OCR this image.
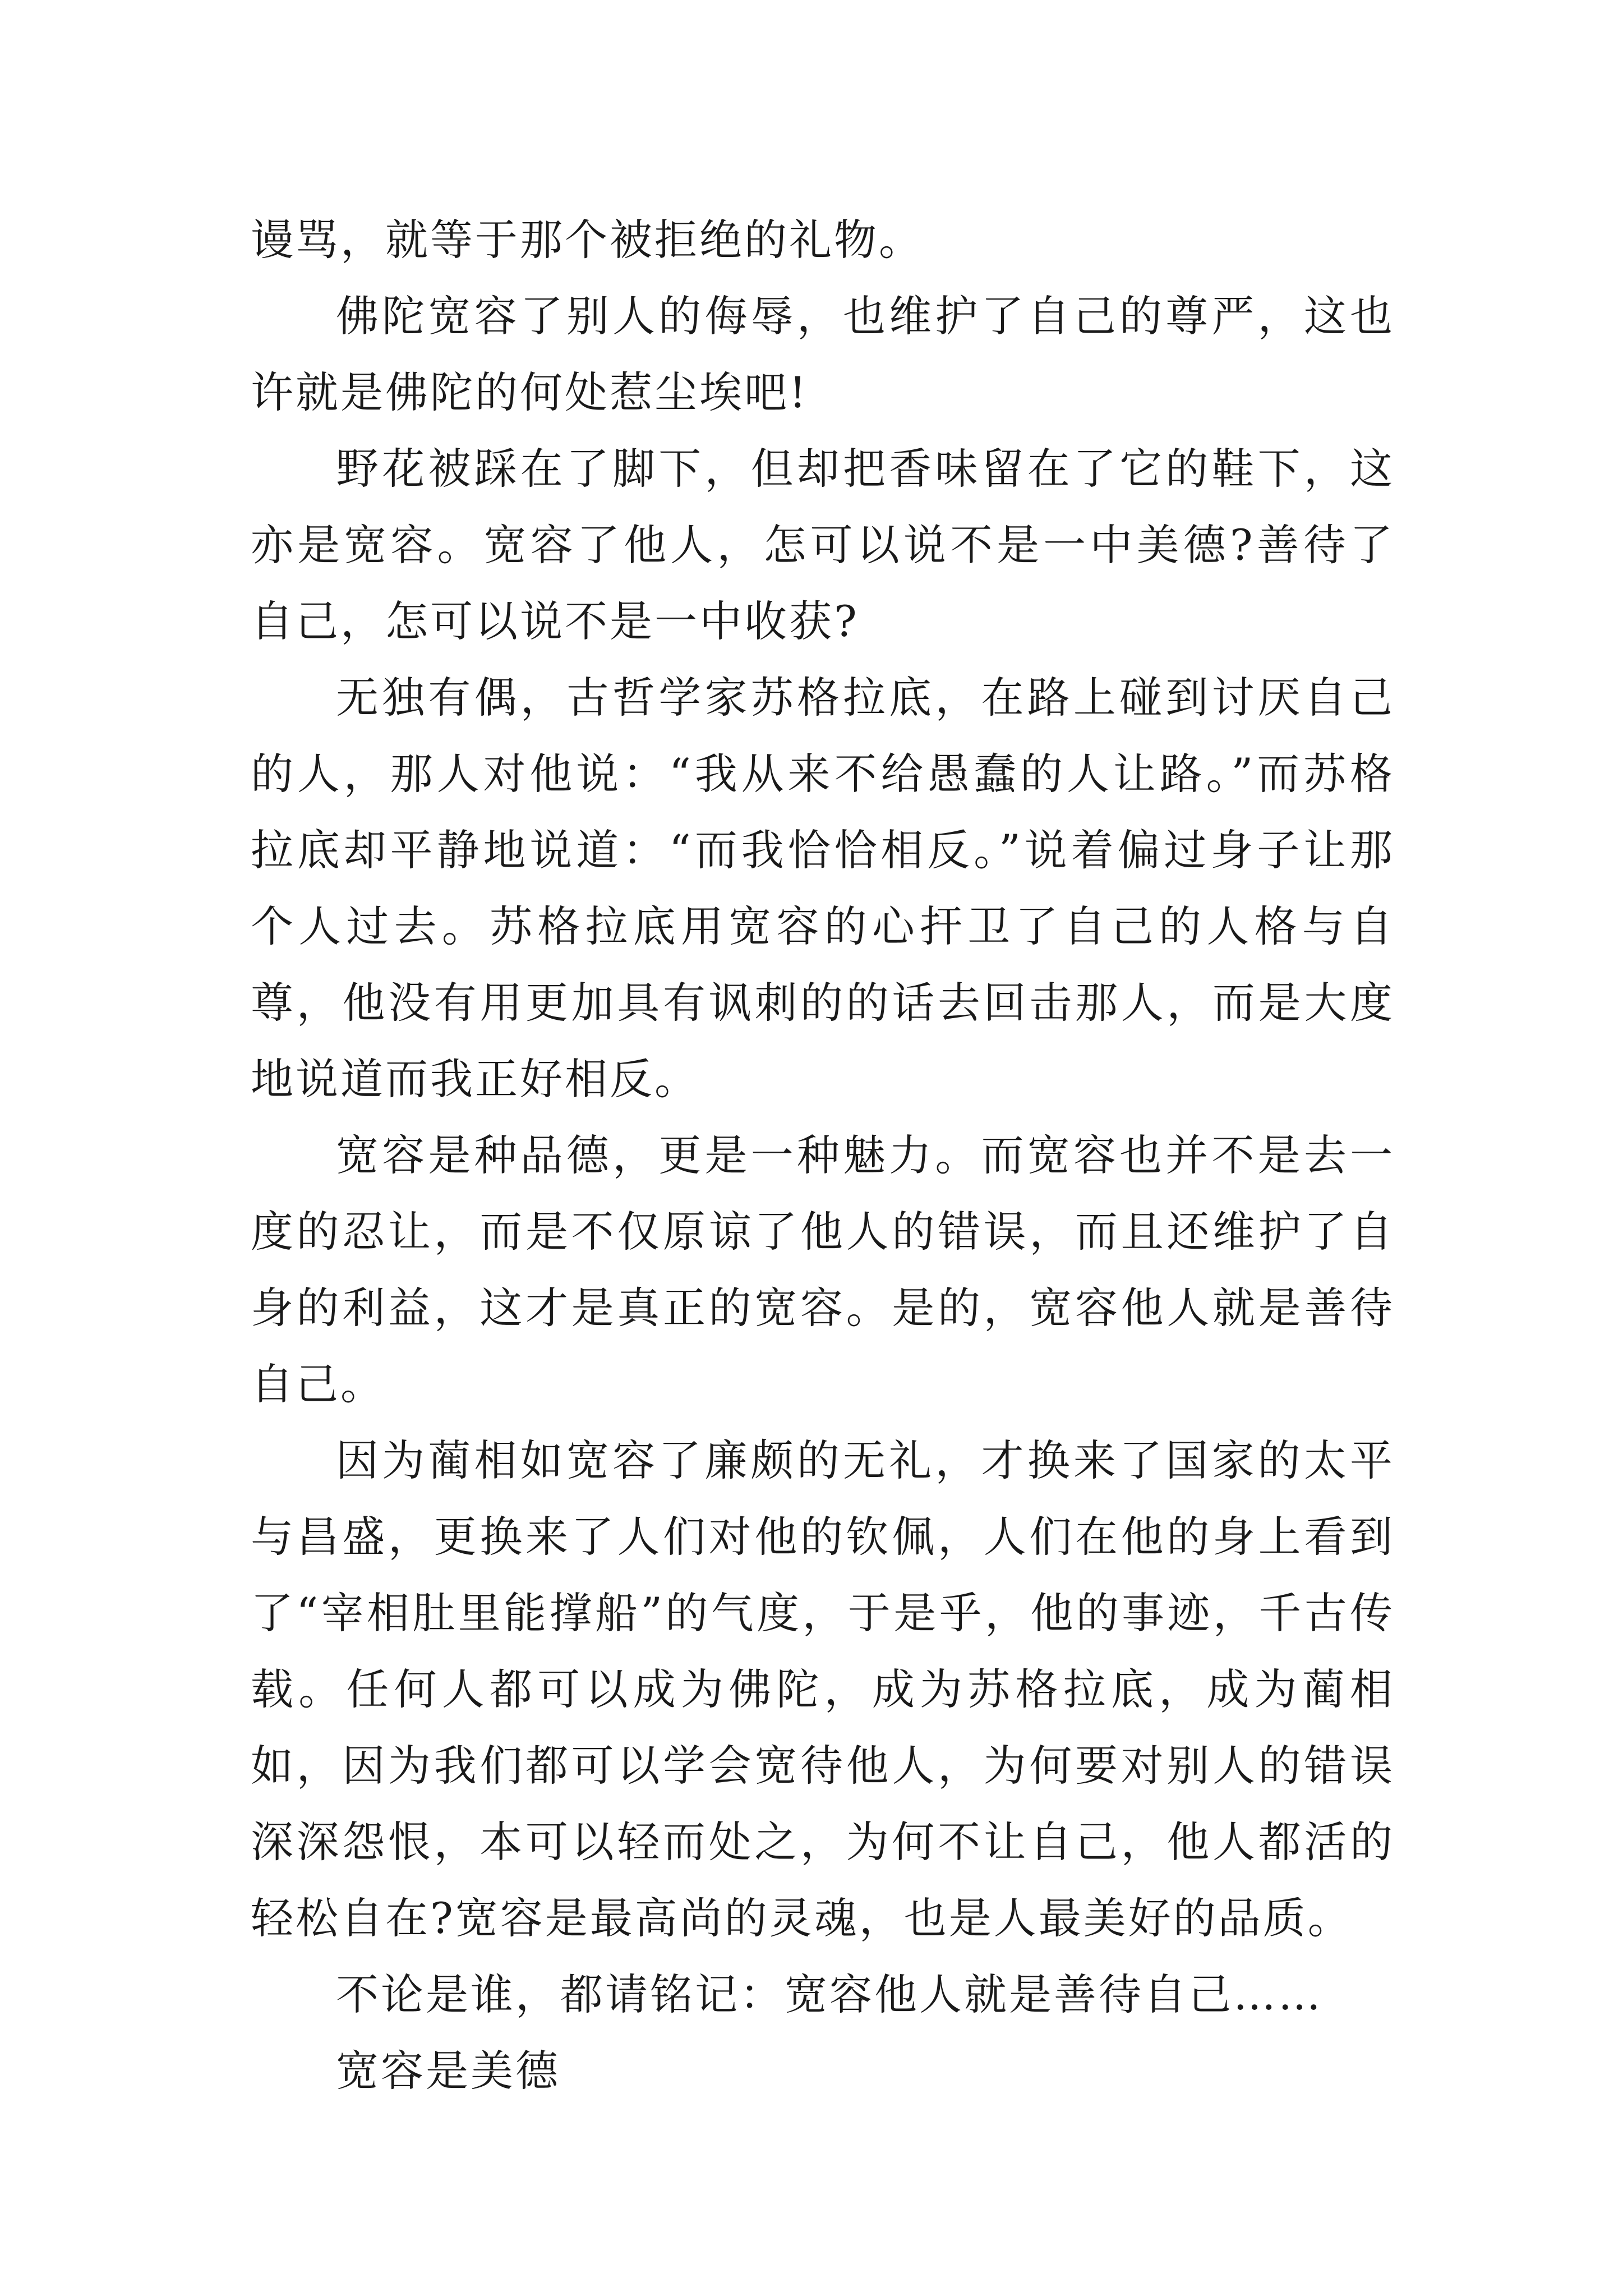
谩骂，就等于那个被拒绝的礼物。

佛陀宽容了别人的侮辱，也维护了自己的尊严，这也许就是佛陀的何处惹尘埃吧!

野花被踩在了脚下，但却把香味留在了它的鞋下，这亦是宽容。宽容了他人，怎可以说不是一中美德?善待了自己，怎可以说不是一中收获?

无独有偶，古哲学家苏格拉底，在路上碰到讨厌自己的人，那人对他说：“我从来不给愚蠢的人让路。”而苏格拉底却平静地说道：“而我恰恰相反。”说着偏过身子让那个人过去。苏格拉底用宽容的心扞卫了自己的人格与自尊，他没有用更加具有讽刺的的话去回击那人，而是大度地说道而我正好相反。

宽容是种品德，更是一种魅力。而宽容也并不是去一度的忍让，而是不仅原谅了他人的错误，而且还维护了自身的利益，这才是真正的宽容。是的，宽容他人就是善待自己。

因为蔺相如宽容了廉颇的无礼，才换来了国家的太平与昌盛，更换来了人们对他的钦佩，人们在他的身上看到了“宰相肚里能撑船”的气度，于是乎，他的事迹，千古传载。任何人都可以成为佛陀，成为苏格拉底，成为蔺相如，因为我们都可以学会宽待他人，为何要对别人的错误深深怨恨，本可以轻而处之，为何不让自己，他人都活的轻松自在?宽容是最高尚的灵魂，也是人最美好的品质。

不论是谁，都请铭记：宽容他人就是善待自己……

宽容是美德
